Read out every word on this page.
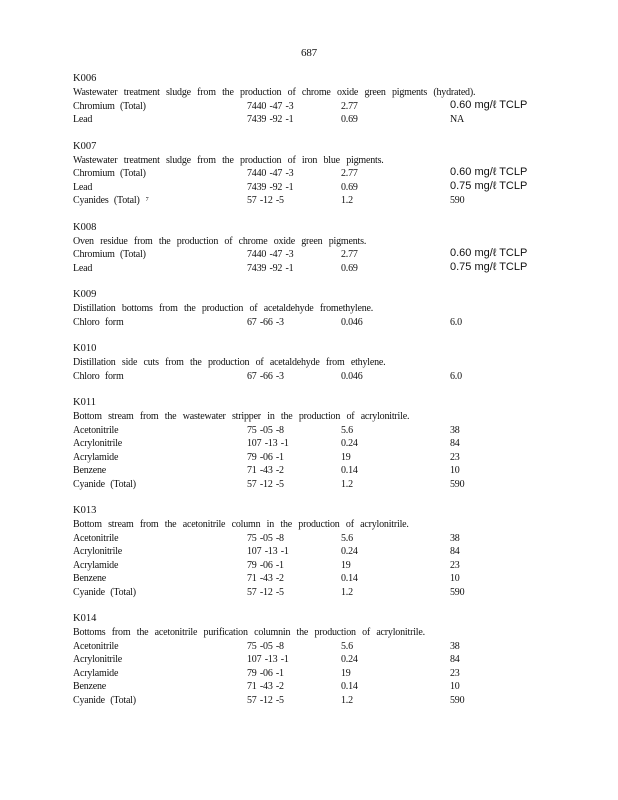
687
K006
Wastewater treatment sludge from the production of chrome oxide green pigments (hydrated).
Chromium (Total)	7440 -47 -3	2.77	0.60 mg/ℓ TCLP
Lead	7439 -92 -1	0.69	NA
K007
Wastewater treatment sludge from the production of iron blue pigments.
Chromium (Total)	7440 -47 -3	2.77	0.60 mg/ℓ TCLP
Lead	7439 -92 -1	0.69	0.75 mg/ℓ TCLP
Cyanides (Total) $^7$	57 -12 -5	1.2	590
K008
Oven residue from the production of chrome oxide green pigments.
Chromium (Total)	7440 -47 -3	2.77	0.60 mg/ℓ TCLP
Lead	7439 -92 -1	0.69	0.75 mg/ℓ TCLP
K009
Distillation bottoms from the production of acetaldehyde fromethylene.
Chloro form	67 -66 -3	0.046	6.0
K010
Distillation side cuts from the production of acetaldehyde from ethylene.
Chloro form	67 -66 -3	0.046	6.0
K011
Bottom stream from the wastewater stripper in the production of acrylonitrile.
Acetonitrile	75 -05 -8	5.6	38
Acrylonitrile	107 -13 -1	0.24	84
Acrylamide	79 -06 -1	19	23
Benzene	71 -43 -2	0.14	10
Cyanide (Total)	57 -12 -5	1.2	590
K013
Bottom stream from the acetonitrile column in the production of acrylonitrile.
Acetonitrile	75 -05 -8	5.6	38
Acrylonitrile	107 -13 -1	0.24	84
Acrylamide	79 -06 -1	19	23
Benzene	71 -43 -2	0.14	10
Cyanide (Total)	57 -12 -5	1.2	590
K014
Bottoms from the acetonitrile purification columnin the production of acrylonitrile.
Acetonitrile	75 -05 -8	5.6	38
Acrylonitrile	107 -13 -1	0.24	84
Acrylamide	79 -06 -1	19	23
Benzene	71 -43 -2	0.14	10
Cyanide (Total)	57 -12 -5	1.2	590
